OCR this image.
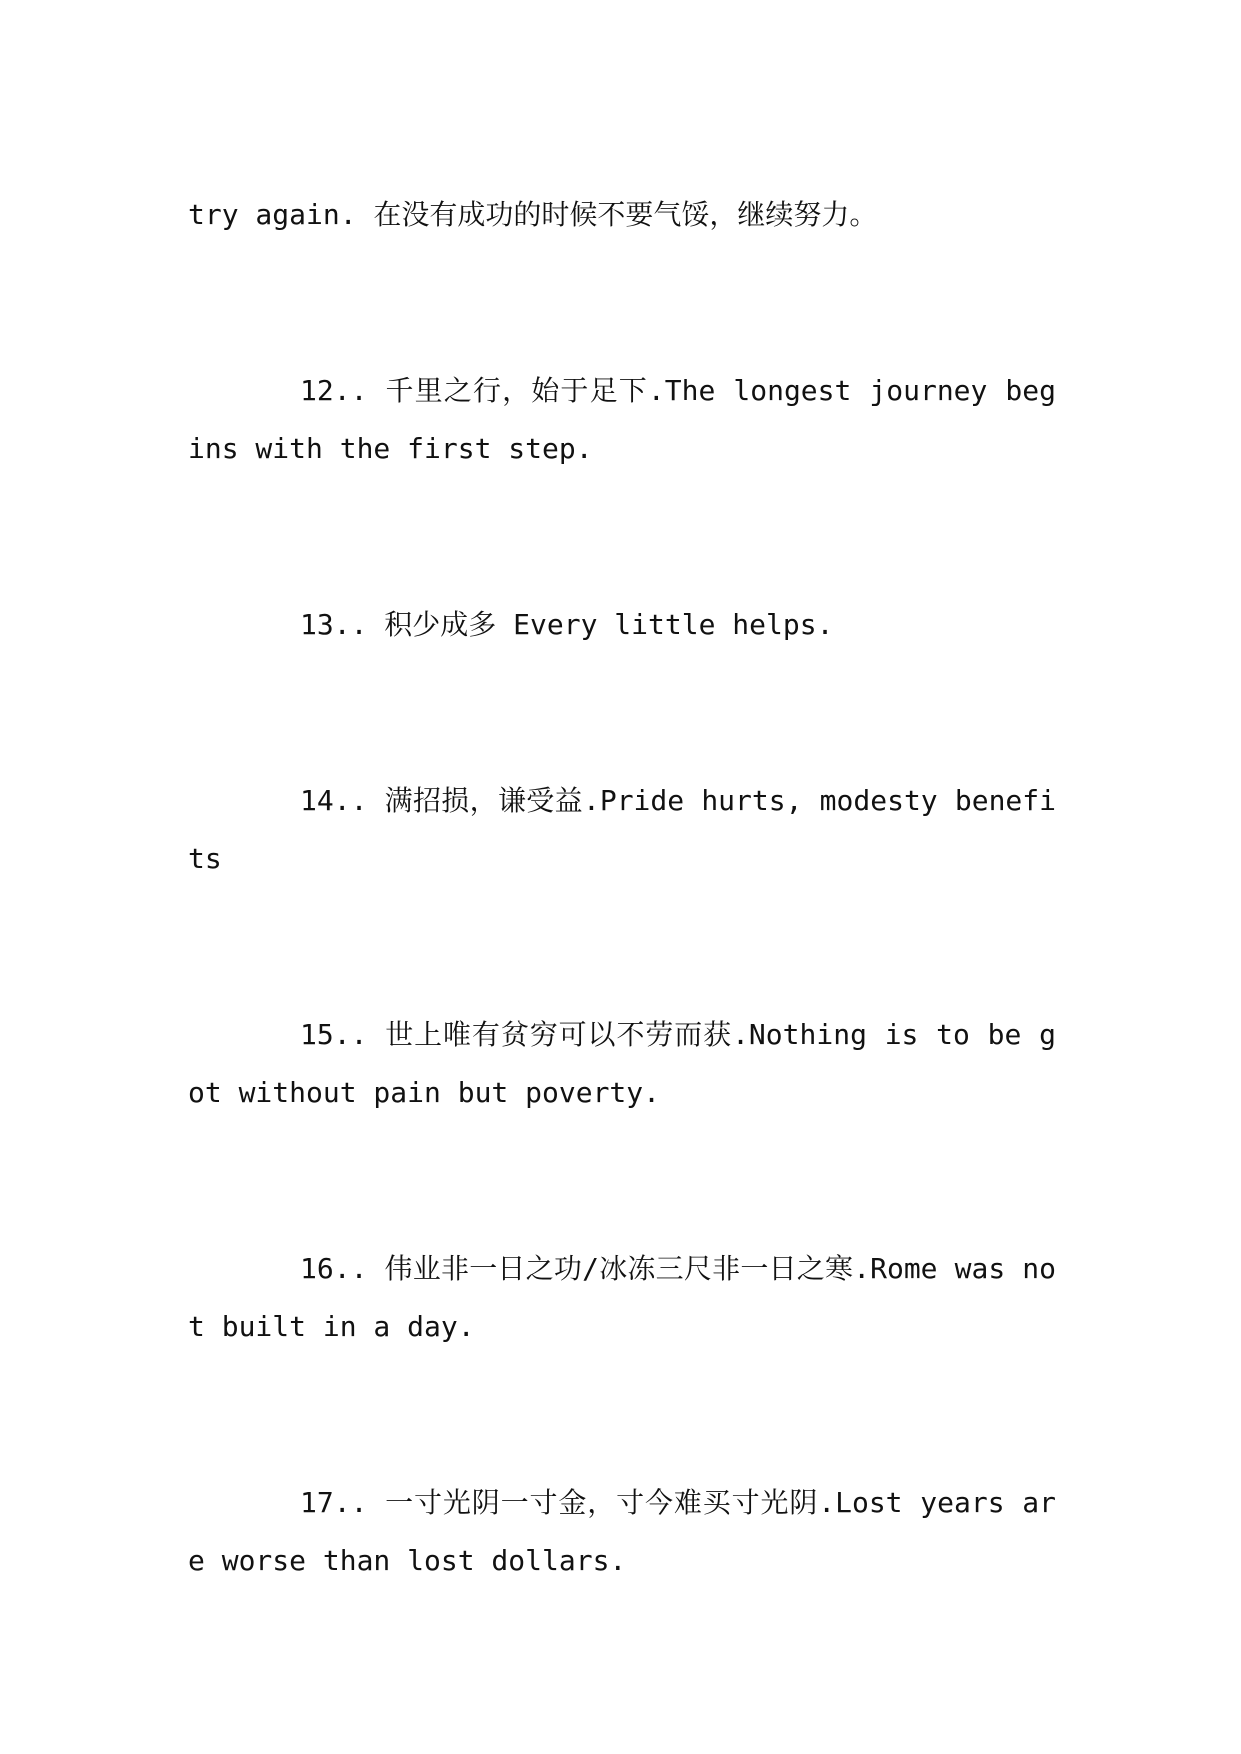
try again. 在没有成功的时候不要气馁，继续努力。

12.. 千里之行，始于足下.The longest journey begins with the first step.

13.. 积少成多 Every little helps.

14.. 满招损，谦受益.Pride hurts, modesty benefits

15.. 世上唯有贫穷可以不劳而获.Nothing is to be got without pain but poverty.

16.. 伟业非一日之功/冰冻三尺非一日之寒.Rome was not built in a day.

17.. 一寸光阴一寸金，寸今难买寸光阴.Lost years are worse than lost dollars.
